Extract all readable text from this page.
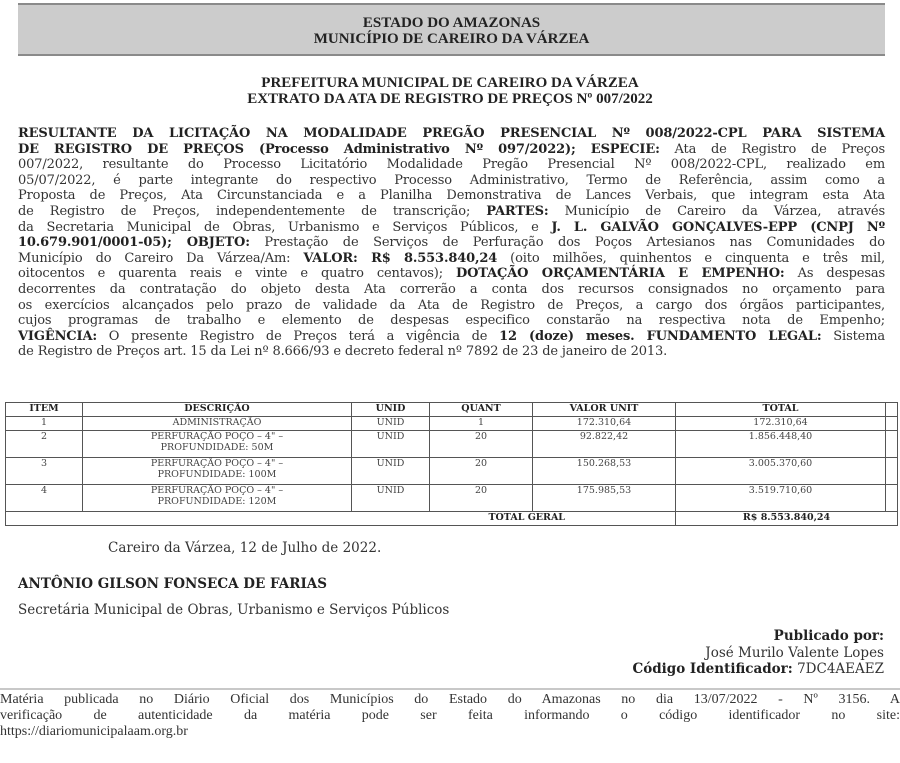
ESTADO DO AMAZONAS
MUNICÍPIO DE CAREIRO DA VÁRZEA
PREFEITURA MUNICIPAL DE CAREIRO DA VÁRZEA
EXTRATO DA ATA DE REGISTRO DE PREÇOS Nº 007/2022
RESULTANTE DA LICITAÇÃO NA MODALIDADE PREGÃO PRESENCIAL Nº 008/2022-CPL PARA SISTEMA
DE REGISTRO DE PREÇOS (Processo Administrativo Nº 097/2022); ESPECIE: Ata de Registro de Preços
007/2022, resultante do Processo Licitatório Modalidade Pregão Presencial Nº 008/2022-CPL, realizado em
05/07/2022, é parte integrante do respectivo Processo Administrativo, Termo de Referência, assim como a
Proposta de Preços, Ata Circunstanciada e a Planilha Demonstrativa de Lances Verbais, que integram esta Ata
de Registro de Preços, independentemente de transcrição; PARTES: Município de Careiro da Várzea, através
da Secretaria Municipal de Obras, Urbanismo e Serviços Públicos, e J. L. GALVÃO GONÇALVES-EPP (CNPJ Nº
10.679.901/0001-05); OBJETO: Prestação de Serviços de Perfuração dos Poços Artesianos nas Comunidades do
Município do Careiro Da Várzea/Am: VALOR: R$ 8.553.840,24 (oito milhões, quinhentos e cinquenta e três mil,
oitocentos e quarenta reais e vinte e quatro centavos); DOTAÇÃO ORÇAMENTÁRIA E EMPENHO: As despesas
decorrentes da contratação do objeto desta Ata correrão a conta dos recursos consignados no orçamento para
os exercícios alcançados pelo prazo de validade da Ata de Registro de Preços, a cargo dos órgãos participantes,
cujos programas de trabalho e elemento de despesas especifico constarão na respectiva nota de Empenho;
VIGÊNCIA: O presente Registro de Preços terá a vigência de 12 (doze) meses. FUNDAMENTO LEGAL: Sistema
de Registro de Preços art. 15 da Lei nº 8.666/93 e decreto federal nº 7892 de 23 de janeiro de 2013.
ITEM	DESCRIÇÃO	UNID	QUANT	VALOR UNIT	TOTAL	
1	ADMINISTRAÇÃO	UNID	1	172.310,64	172.310,64	
2	PERFURAÇÃO POÇO – 4" –
PROFUNDIDADE: 50M	UNID	20	92.822,42	1.856.448,40	
3	PERFURAÇÃO POÇO – 4" –
PROFUNDIDADE: 100M	UNID	20	150.268,53	3.005.370,60	
4	PERFURAÇÃO POÇO – 4" –
PROFUNDIDADE: 120M	UNID	20	175.985,53	3.519.710,60	
TOTAL GERAL					R$ 8.553.840,24	
Careiro da Várzea, 12 de Julho de 2022.
ANTÔNIO GILSON FONSECA DE FARIAS
Secretária Municipal de Obras, Urbanismo e Serviços Públicos
Publicado por:
José Murilo Valente Lopes
Código Identificador: 7DC4AEAEZ
Matéria publicada no Diário Oficial dos Municípios do Estado do Amazonas no dia 13/07/2022 - Nº 3156. A
verificação de autenticidade da matéria pode ser feita informando o código identificador no site:
https://diariomunicipalaam.org.br
